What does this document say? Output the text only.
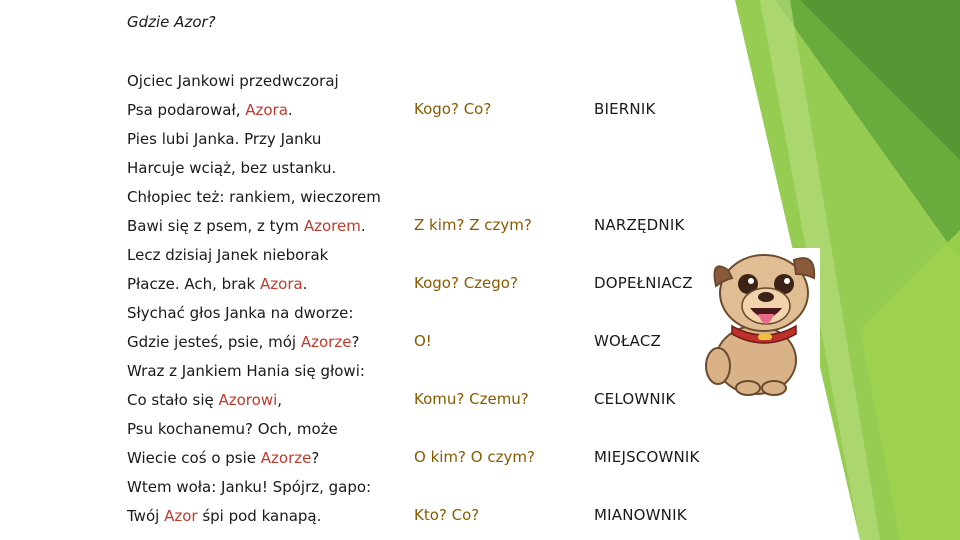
Gdzie Azor?
Ojciec Jankowi przedwczoraj
Psa podarował, Azora.
Pies lubi Janka. Przy Janku
Harcuje wciąż, bez ustanku.
Chłopiec też: rankiem, wieczorem
Bawi się z psem, z tym Azorem.
Lecz dzisiaj Janek nieborak
Płacze. Ach, brak Azora.
Słychać głos Janka na dworze:
Gdzie jesteś, psie, mój Azorze?
Wraz z Jankiem Hania się głowi:
Co stało się Azorowi,
Psu kochanemu? Och, może
Wiecie coś o psie Azorze?
Wtem woła: Janku! Spójrz, gapo:
Twój Azor śpi pod kanapą.
Kogo? Co?	BIERNIK
Z kim? Z czym?	NARZĘDNIK
Kogo? Czego?	DOPEŁNIACZ
O!	WOŁACZ
Komu? Czemu?	CELOWNIK
O kim? O czym?	MIEJSCOWNIK
Kto? Co?	MIANOWNIK
